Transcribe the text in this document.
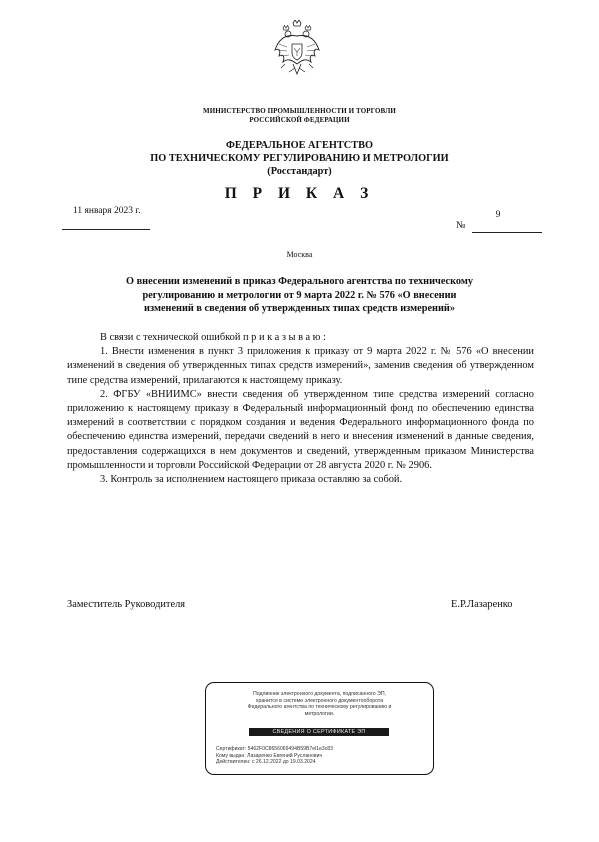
МИНИСТЕРСТВО ПРОМЫШЛЕННОСТИ И ТОРГОВЛИ
РОССИЙСКОЙ ФЕДЕРАЦИИ
ФЕДЕРАЛЬНОЕ АГЕНТСТВО
ПО ТЕХНИЧЕСКОМУ РЕГУЛИРОВАНИЮ И МЕТРОЛОГИИ
(Росстандарт)
П Р И К А З
11 января 2023 г.
№
9
Москва
О внесении изменений в приказ Федерального агентства по техническому
регулированию и метрологии от 9 марта 2022 г. № 576 «О внесении
изменений в сведения об утвержденных типах средств измерений»

В связи с технической ошибкой приказываю:

1. Внести изменения в пункт 3 приложения к приказу от 9 марта 2022 г. № 576 «О внесении изменений в сведения об утвержденных типах средств измерений», заменив сведения об утвержденном типе средства измерений, прилагаются к настоящему приказу.

2. ФГБУ «ВНИИМС» внести сведения об утвержденном типе средства измерений согласно приложению к настоящему приказу в Федеральный информационный фонд по обеспечению единства измерений в соответствии с порядком создания и ведения Федерального информационного фонда по обеспечению единства измерений, передачи сведений в него и внесения изменений в данные сведения, предоставления содержащихся в нем документов и сведений, утвержденным приказом Министерства промышленности и торговли Российской Федерации от 28 августа 2020 г. № 2906.

3. Контроль за исполнением настоящего приказа оставляю за собой.

Заместитель Руководителя	Е.Р.Лазаренко
Подлинник электронного документа, подписанного ЭП,
хранится в системе электронного документооборота
Федерального агентства по техническому регулированию и
метрологии.
СВЕДЕНИЯ О СЕРТИФИКАТЕ ЭП
Сертификат: 5462F0C8656069494B59B7el1e3c83
Кому выдан: Лазаренко Евгений Русланович
Действителен: с 26.12.2022 до 19.03.2024
